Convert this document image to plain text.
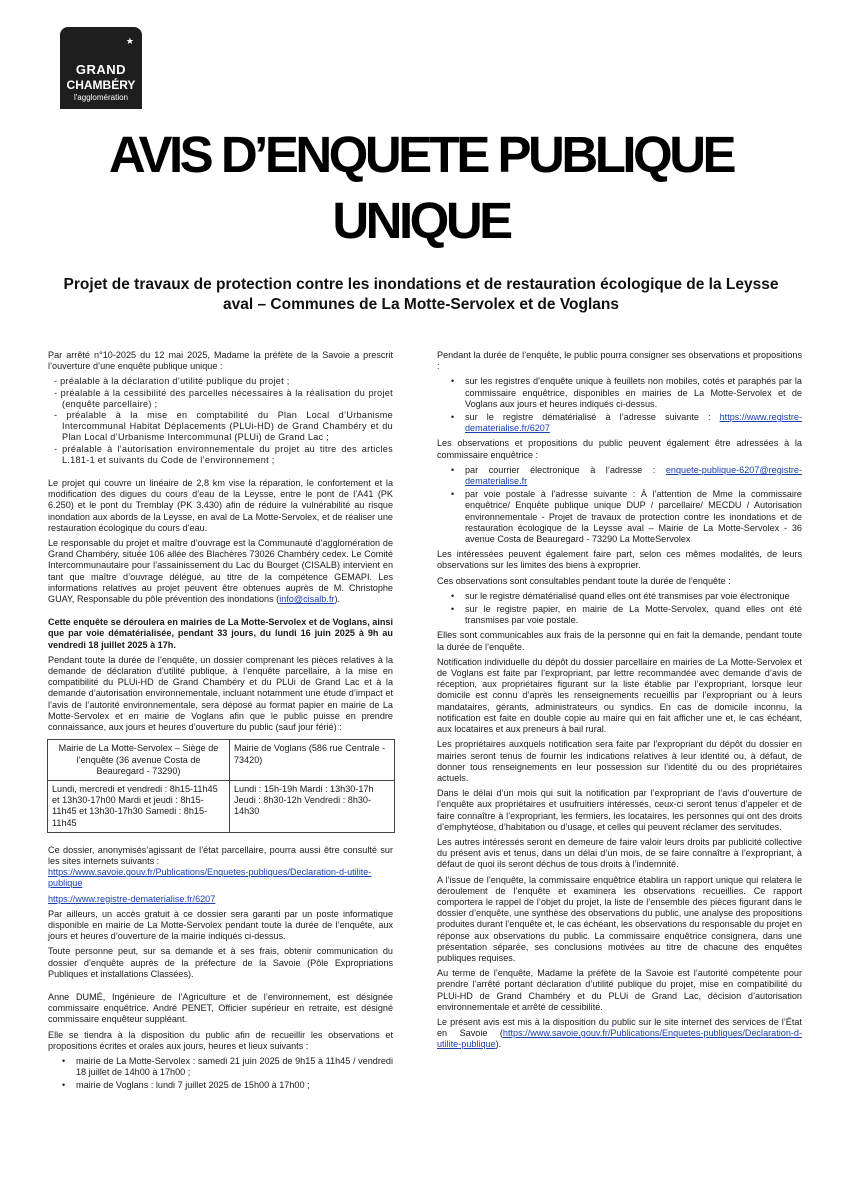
★
GRAND
CHAMBÉRY
l'agglomération
AVIS D’ENQUETE PUBLIQUE UNIQUE
Projet de travaux de protection contre les inondations et de restauration écologique de la Leysse aval – Communes de La Motte-Servolex et de Voglans

Par arrêté n°10-2025 du 12 mai 2025, Madame la préfète de la Savoie a prescrit l’ouverture d’une enquête publique unique :

- préalable à la déclaration d’utilité publique du projet ;
- préalable à la cessibilité des parcelles nécessaires à la réalisation du projet (enquête parcellaire) ;
- préalable à la mise en comptabilité du Plan Local d’Urbanisme Intercommunal Habitat Déplacements (PLUi-HD) de Grand Chambéry et du Plan Local d’Urbanisme Intercommunal (PLUi) de Grand Lac ;
- préalable à l’autorisation environnementale du projet au titre des articles L.181-1 et suivants du Code de l’environnement ;

Le projet qui couvre un linéaire de 2,8 km vise la réparation, le confortement et la modification des digues du cours d’eau de la Leysse, entre le pont de l’A41 (PK 6.250) et le pont du Tremblay (PK 3.430) afin de réduire la vulnérabilité au risque inondation aux abords de la Leysse, en aval de La Motte-Servolex, et de réaliser une restauration écologique du cours d’eau.

Le responsable du projet et maître d’ouvrage est la Communauté d’agglomération de Grand Chambéry, située 106 allée des Blachères 73026 Chambéry cedex. Le Comité Intercommunautaire pour l’assainissement du Lac du Bourget (CISALB) intervient en tant que maître d’ouvrage délégué, au titre de la compétence GEMAPI. Les informations relatives au projet peuvent être obtenues auprès de M. Christophe GUAY, Responsable du pôle prévention des inondations (info@cisalb.fr).

Cette enquête se déroulera en mairies de La Motte-Servolex et de Voglans, ainsi que par voie dématérialisée, pendant 33 jours, du lundi 16 juin 2025 à 9h au vendredi 18 juillet 2025 à 17h.

Pendant toute la durée de l’enquête, un dossier comprenant les pièces relatives à la demande de déclaration d’utilité publique, à l’enquête parcellaire, à la mise en compatibilité du PLUi-HD de Grand Chambéry et du PLUi de Grand Lac et à la demande d’autorisation environnementale, incluant notamment une étude d’impact et l’avis de l’autorité environnementale, sera déposé au format papier en mairie de La Motte-Servolex et en mairie de Voglans afin que le public puisse en prendre connaissance, aux jours et heures d’ouverture du public (sauf jour férié) :

Mairie de La Motte-Servolex – Siège de l’enquête (36 avenue Costa de Beauregard - 73290)	Mairie de Voglans (586 rue Centrale - 73420)
Lundi, mercredi et vendredi : 8h15-11h45 et 13h30-17h00 Mardi et jeudi : 8h15-11h45 et 13h30-17h30 Samedi : 8h15-11h45	Lundi : 15h-19h Mardi : 13h30-17h Jeudi : 8h30-12h Vendredi : 8h30-14h30

Ce dossier, anonymisés’agissant de l’état parcellaire, pourra aussi être consulté sur les sites internets suivants :
https://www.savoie.gouv.fr/Publications/Enquetes-publiques/Declaration-d-utilite-publique

https://www.registre-dematerialise.fr/6207

Par ailleurs, un accès gratuit à ce dossier sera garanti par un poste informatique disponible en mairie de La Motte-Servolex pendant toute la durée de l’enquête, aux jours et heures d’ouverture de la mairie indiqués ci-dessus.

Toute personne peut, sur sa demande et à ses frais, obtenir communication du dossier d’enquête auprès de la préfecture de la Savoie (Pôle Expropriations Publiques et installations Classées).

Anne DUMÉ, Ingénieure de l’Agriculture et de l’environnement, est désignée commissaire enquêtrice. André PENET, Officier supérieur en retraite, est désigné commissaire enquêteur suppléant.

Elle se tiendra à la disposition du public afin de recueillir les observations et propositions écrites et orales aux jours, heures et lieux suivants :

• mairie de La Motte-Servolex : samedi 21 juin 2025 de 9h15 à 11h45 / vendredi 18 juillet de 14h00 à 17h00 ;
• mairie de Voglans : lundi 7 juillet 2025 de 15h00 à 17h00 ;

Pendant la durée de l’enquête, le public pourra consigner ses observations et propositions :

• sur les registres d’enquête unique à feuillets non mobiles, cotés et paraphés par la commissaire enquêtrice, disponibles en mairies de La Motte-Servolex et de Voglans aux jours et heures indiqués ci-dessus.
• sur le registre dématérialisé à l’adresse suivante : https://www.registre-dematerialise.fr/6207

Les observations et propositions du public peuvent également être adressées à la commissaire enquêtrice :

• par courrier électronique à l’adresse : enquete-publique-6207@registre-dematerialise.fr
• par voie postale à l’adresse suivante : À l’attention de Mme la commissaire enquêtrice/ Enquête publique unique DUP / parcellaire/ MECDU / Autorisation environnementale - Projet de travaux de protection contre les inondations et de restauration écologique de la Leysse aval – Mairie de La Motte-Servolex - 36 avenue Costa de Beauregard - 73290 La MotteServolex

Les intéressées peuvent également faire part, selon ces mêmes modalités, de leurs observations sur les limites des biens à exproprier.

Ces observations sont consultables pendant toute la durée de l’enquête :

• sur le registre dématérialisé quand elles ont été transmises par voie électronique
• sur le registre papier, en mairie de La Motte-Servolex, quand elles ont été transmises par voie postale.

Elles sont communicables aux frais de la personne qui en fait la demande, pendant toute la durée de l’enquête.

Notification individuelle du dépôt du dossier parcellaire en mairies de La Motte-Servolex et de Voglans est faite par l’expropriant, par lettre recommandée avec demande d’avis de réception, aux propriétaires figurant sur la liste établie par l’expropriant, lorsque leur domicile est connu d’après les renseignements recueillis par l’expropriant ou à leurs mandataires, gérants, administrateurs ou syndics. En cas de domicile inconnu, la notification est faite en double copie au maire qui en fait afficher une et, le cas échéant, aux locataires et aux preneurs à bail rural.

Les propriétaires auxquels notification sera faite par l’expropriant du dépôt du dossier en mairies seront tenus de fournir les indications relatives à leur identité ou, à défaut, de donner tous renseignements en leur possession sur l’identité du ou des propriétaires actuels.

Dans le délai d’un mois qui suit la notification par l’expropriant de l’avis d’ouverture de l’enquête aux propriétaires et usufruitiers intéressés, ceux-ci seront tenus d’appeler et de faire connaître à l’expropriant, les fermiers, les locataires, les personnes qui ont des droits d’emphytéose, d’habitation ou d’usage, et celles qui peuvent réclamer des servitudes.

Les autres intéressés seront en demeure de faire valoir leurs droits par publicité collective du présent avis et tenus, dans un délai d’un mois, de se faire connaître à l’expropriant, à défaut de quoi ils seront déchus de tous droits à l’indemnité.

A l’issue de l’enquête, la commissaire enquêtrice établira un rapport unique qui relatera le déroulement de l’enquête et examinera les observations recueillies. Ce rapport comportera le rappel de l’objet du projet, la liste de l’ensemble des pièces figurant dans le dossier d’enquête, une synthèse des observations du public, une analyse des propositions produites durant l’enquête et, le cas échéant, les observations du responsable du projet en réponse aux observations du public. La commissaire enquêtrice consignera, dans une présentation séparée, ses conclusions motivées au titre de chacune des enquêtes publiques requises.

Au terme de l’enquête, Madame la préfète de la Savoie est l’autorité compétente pour prendre l’arrêté portant déclaration d’utilité publique du projet, mise en compatibilité du PLUi-HD de Grand Chambéry et du PLUi de Grand Lac, décision d’autorisation environnementale et arrêté de cessibilité.

Le présent avis est mis à la disposition du public sur le site internet des services de l’État en Savoie (https://www.savoie.gouv.fr/Publications/Enquetes-publiques/Declaration-d-utilite-publique).
